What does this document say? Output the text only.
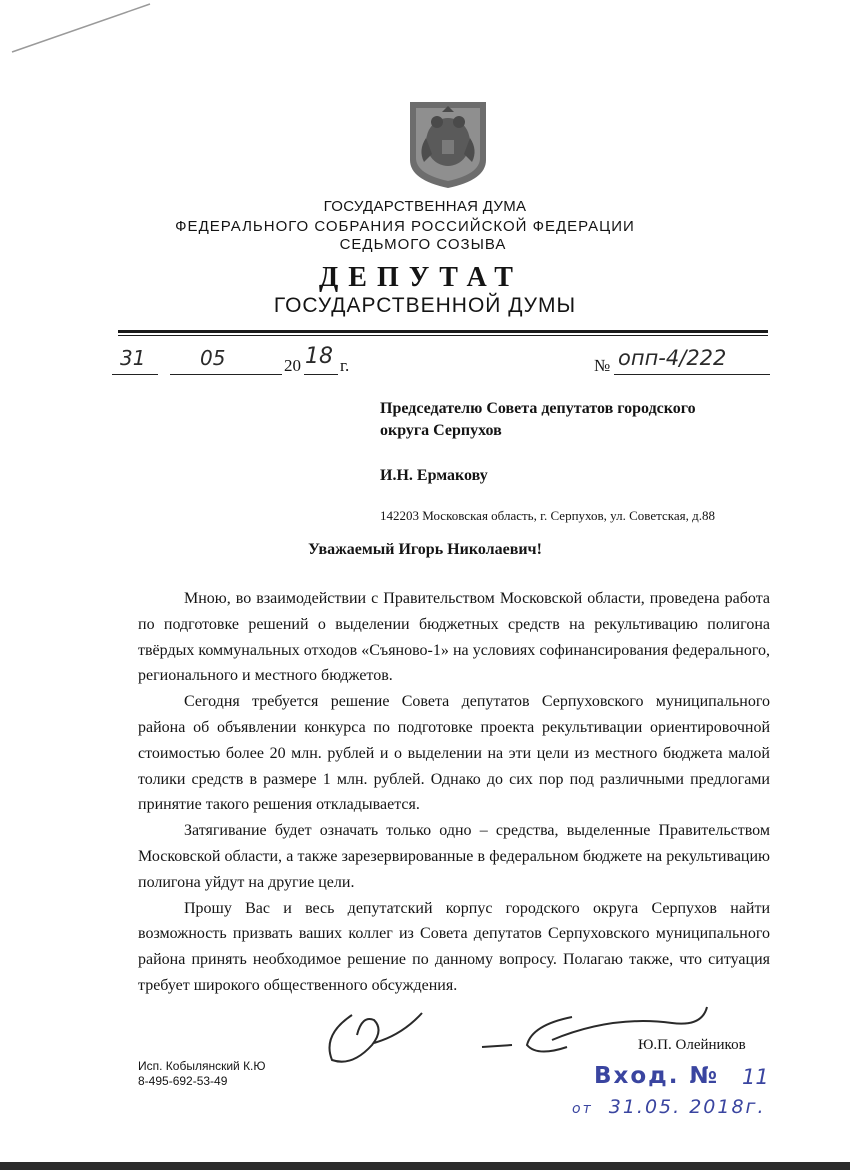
ГОСУДАРСТВЕННАЯ ДУМА
ФЕДЕРАЛЬНОГО СОБРАНИЯ РОССИЙСКОЙ ФЕДЕРАЦИИ
СЕДЬМОГО СОЗЫВА
ДЕПУТАТ
ГОСУДАРСТВЕННОЙ ДУМЫ
31	05	20 18 г.	№ опп-4/222
Председателю Совета депутатов городского
округа Серпухов
И.Н. Ермакову
142203 Московская область, г. Серпухов, ул. Советская, д.88
Уважаемый Игорь Николаевич!

Мною, во взаимодействии с Правительством Московской области, проведена работа по подготовке решений о выделении бюджетных средств на рекультивацию полигона твёрдых коммунальных отходов «Съяново-1» на условиях софинансирования федерального, регионального и местного бюджетов.

Сегодня требуется решение Совета депутатов Серпуховского муниципального района об объявлении конкурса по подготовке проекта рекультивации ориентировочной стоимостью более 20 млн. рублей и о выделении на эти цели из местного бюджета малой толики средств в размере 1 млн. рублей. Однако до сих пор под различными предлогами принятие такого решения откладывается.

Затягивание будет означать только одно – средства, выделенные Правительством Московской области, а также зарезервированные в федеральном бюджете на рекультивацию полигона уйдут на другие цели.

Прошу Вас и весь депутатский корпус городского округа Серпухов найти возможность призвать ваших коллег из Совета депутатов Серпуховского муниципального района принять необходимое решение по данному вопросу. Полагаю также, что ситуация требует широкого общественного обсуждения.

Ю.П. Олейников
Исп. Кобылянский К.Ю
8-495-692-53-49	Вход. № 11
от 31.05. 2018г.
